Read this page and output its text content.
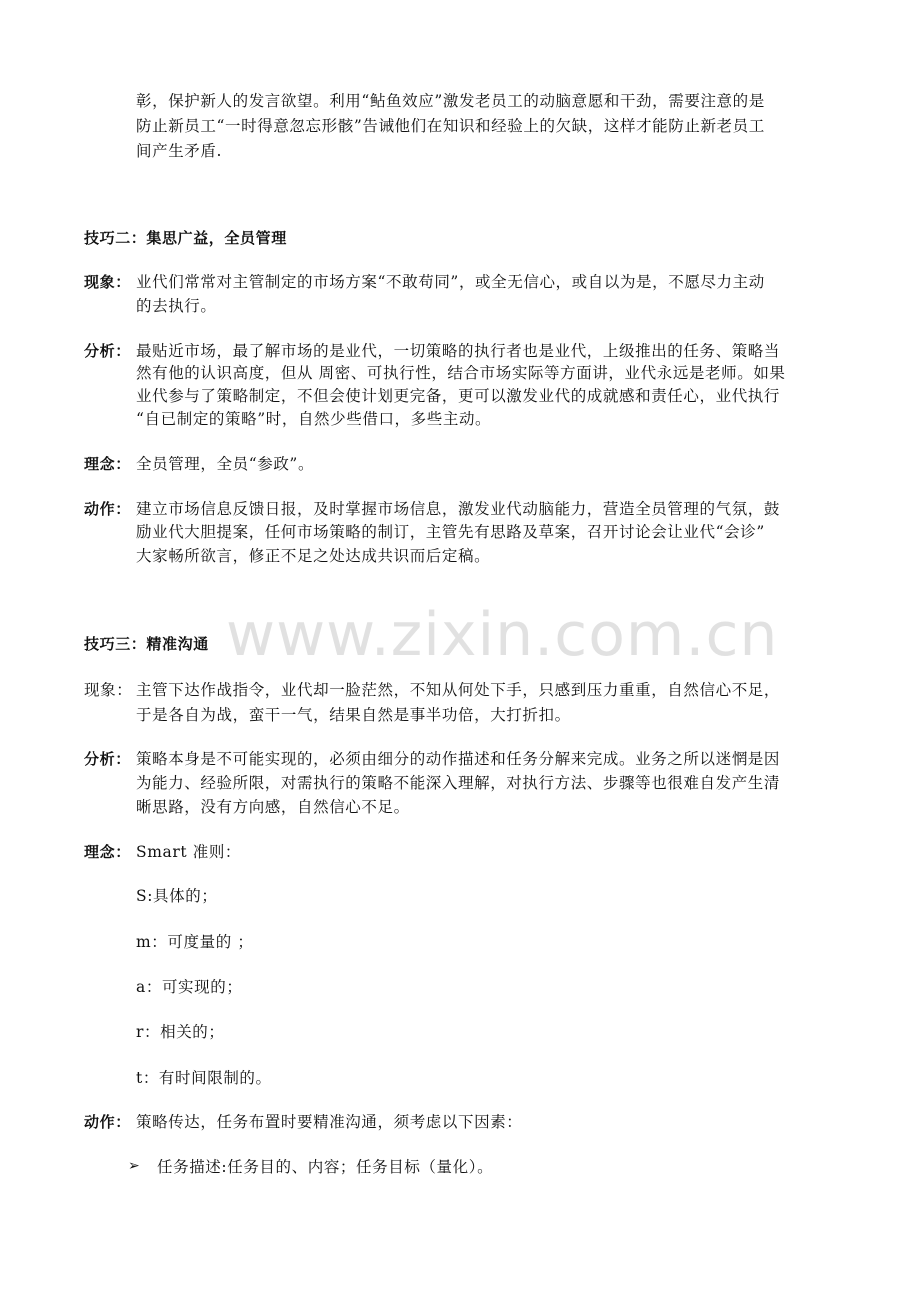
彰，保护新人的发言欲望。利用“鲇鱼效应”激发老员工的动脑意愿和干劲，需要注意的是
防止新员工“一时得意忽忘形骸”告诫他们在知识和经验上的欠缺，这样才能防止新老员工
间产生矛盾.
技巧二：集思广益，全员管理
现象： 业代们常常对主管制定的市场方案“不敢苟同”，或全无信心，或自以为是，不愿尽力主动
的去执行。
分析： 最贴近市场，最了解市场的是业代，一切策略的执行者也是业代，上级推出的任务、策略当
然有他的认识高度，但从 周密、可执行性，结合市场实际等方面讲，业代永远是老师。如果
业代参与了策略制定，不但会使计划更完备，更可以激发业代的成就感和责任心，业代执行
“自已制定的策略”时，自然少些借口，多些主动。
理念： 全员管理，全员“参政”。
动作： 建立市场信息反馈日报，及时掌握市场信息，激发业代动脑能力，营造全员管理的气氛，鼓
励业代大胆提案，任何市场策略的制订，主管先有思路及草案，召开讨论会让业代“会诊”
大家畅所欲言，修正不足之处达成共识而后定稿。
www.zixin.com.cn
技巧三：精准沟通
现象： 主管下达作战指令，业代却一脸茫然，不知从何处下手，只感到压力重重，自然信心不足，
于是各自为战，蛮干一气，结果自然是事半功倍，大打折扣。
分析： 策略本身是不可能实现的，必须由细分的动作描述和任务分解来完成。业务之所以迷惘是因
为能力、经验所限，对需执行的策略不能深入理解，对执行方法、步骤等也很难自发产生清
晰思路，没有方向感，自然信心不足。
理念： Smart 准则：
S:具体的；
m：可度量的 ；
a：可实现的；
r：相关的；
t：有时间限制的。
动作： 策略传达，任务布置时要精准沟通，须考虑以下因素：
➢ 任务描述:任务目的、内容；任务目标（量化）。
